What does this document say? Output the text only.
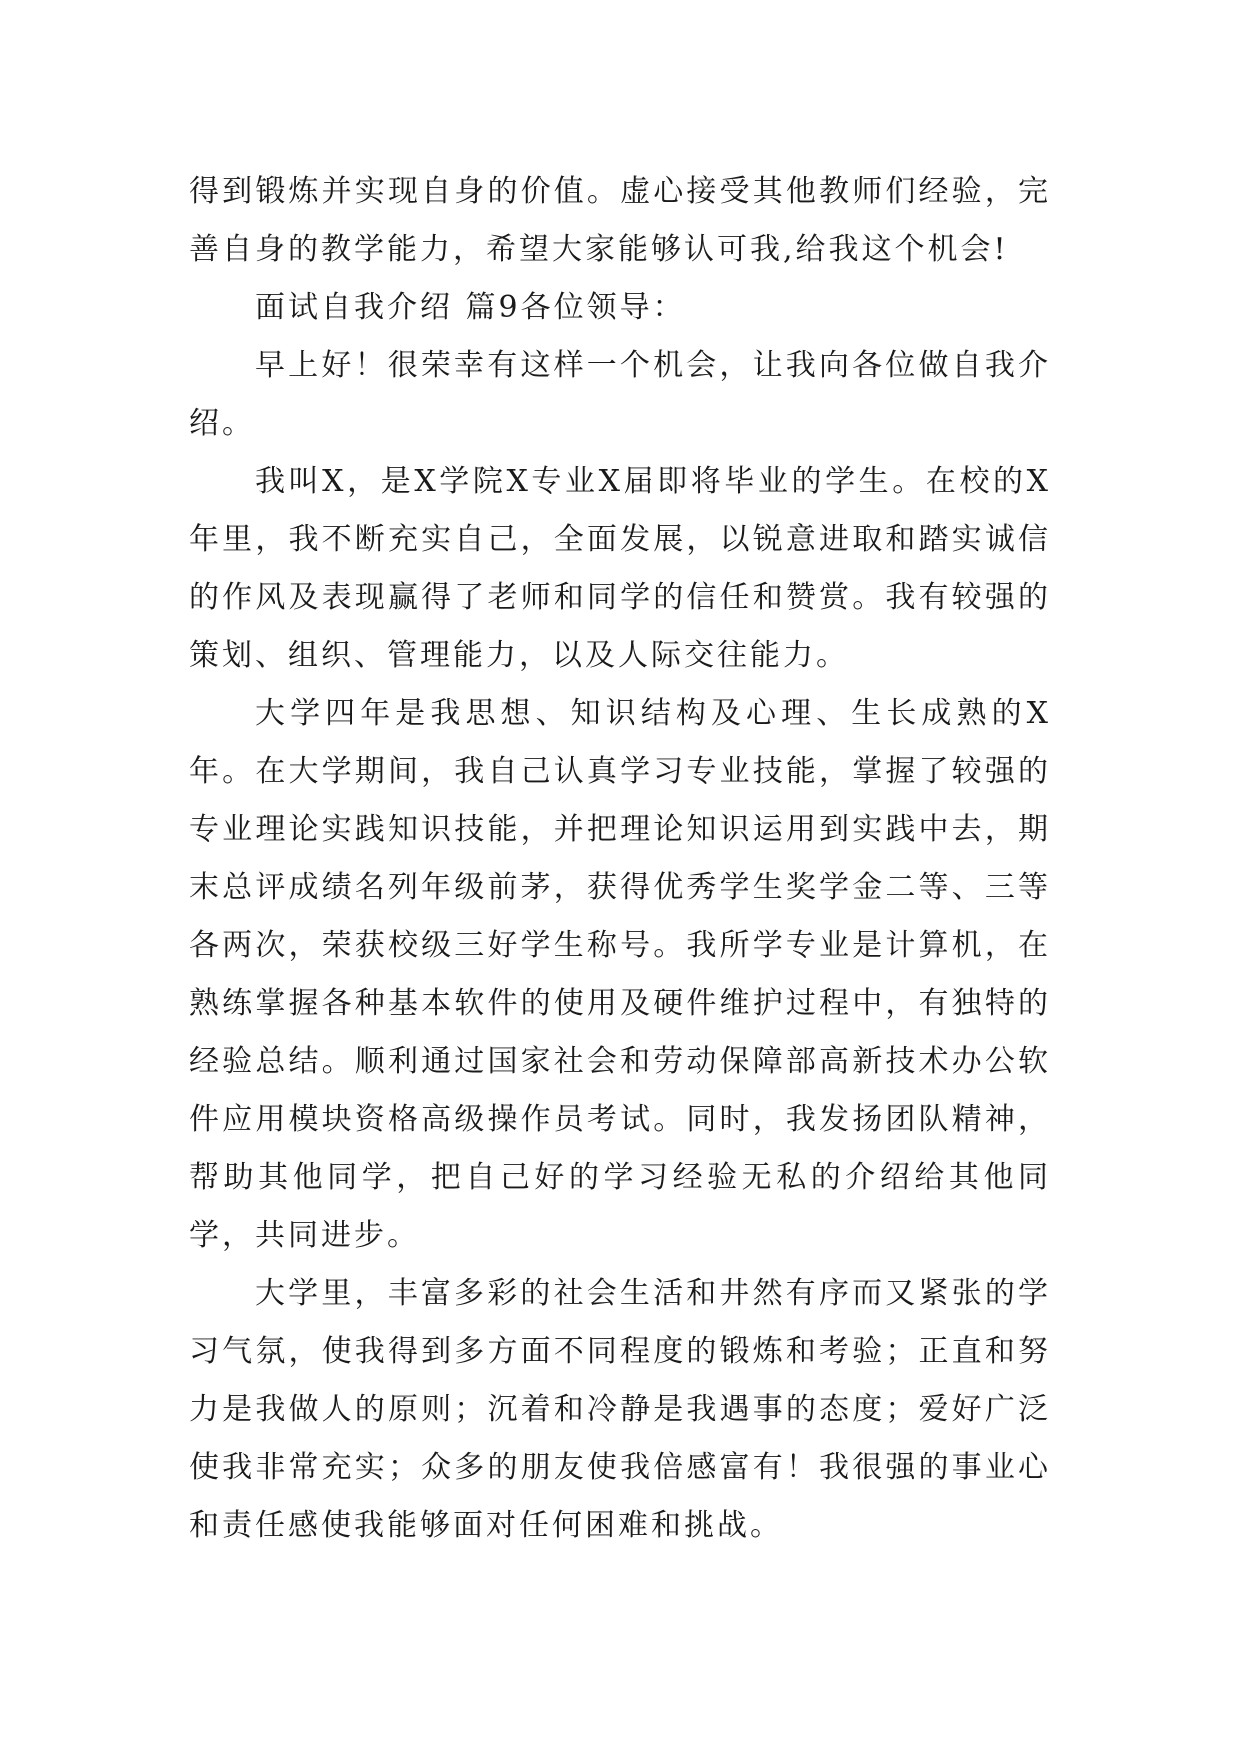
得到锻炼并实现自身的价值。虚心接受其他教师们经验，完善自身的教学能力，希望大家能够认可我,给我这个机会!

面试自我介绍 篇9各位领导：

早上好！很荣幸有这样一个机会，让我向各位做自我介绍。

我叫X，是X学院X专业X届即将毕业的学生。在校的X年里，我不断充实自己，全面发展，以锐意进取和踏实诚信的作风及表现赢得了老师和同学的信任和赞赏。我有较强的策划、组织、管理能力，以及人际交往能力。

大学四年是我思想、知识结构及心理、生长成熟的X年。在大学期间，我自己认真学习专业技能，掌握了较强的专业理论实践知识技能，并把理论知识运用到实践中去，期末总评成绩名列年级前茅，获得优秀学生奖学金二等、三等各两次，荣获校级三好学生称号。我所学专业是计算机，在熟练掌握各种基本软件的使用及硬件维护过程中，有独特的经验总结。顺利通过国家社会和劳动保障部高新技术办公软件应用模块资格高级操作员考试。同时，我发扬团队精神，帮助其他同学，把自己好的学习经验无私的介绍给其他同学，共同进步。

大学里，丰富多彩的社会生活和井然有序而又紧张的学习气氛，使我得到多方面不同程度的锻炼和考验；正直和努力是我做人的原则；沉着和冷静是我遇事的态度；爱好广泛使我非常充实；众多的朋友使我倍感富有！我很强的事业心和责任感使我能够面对任何困难和挑战。
